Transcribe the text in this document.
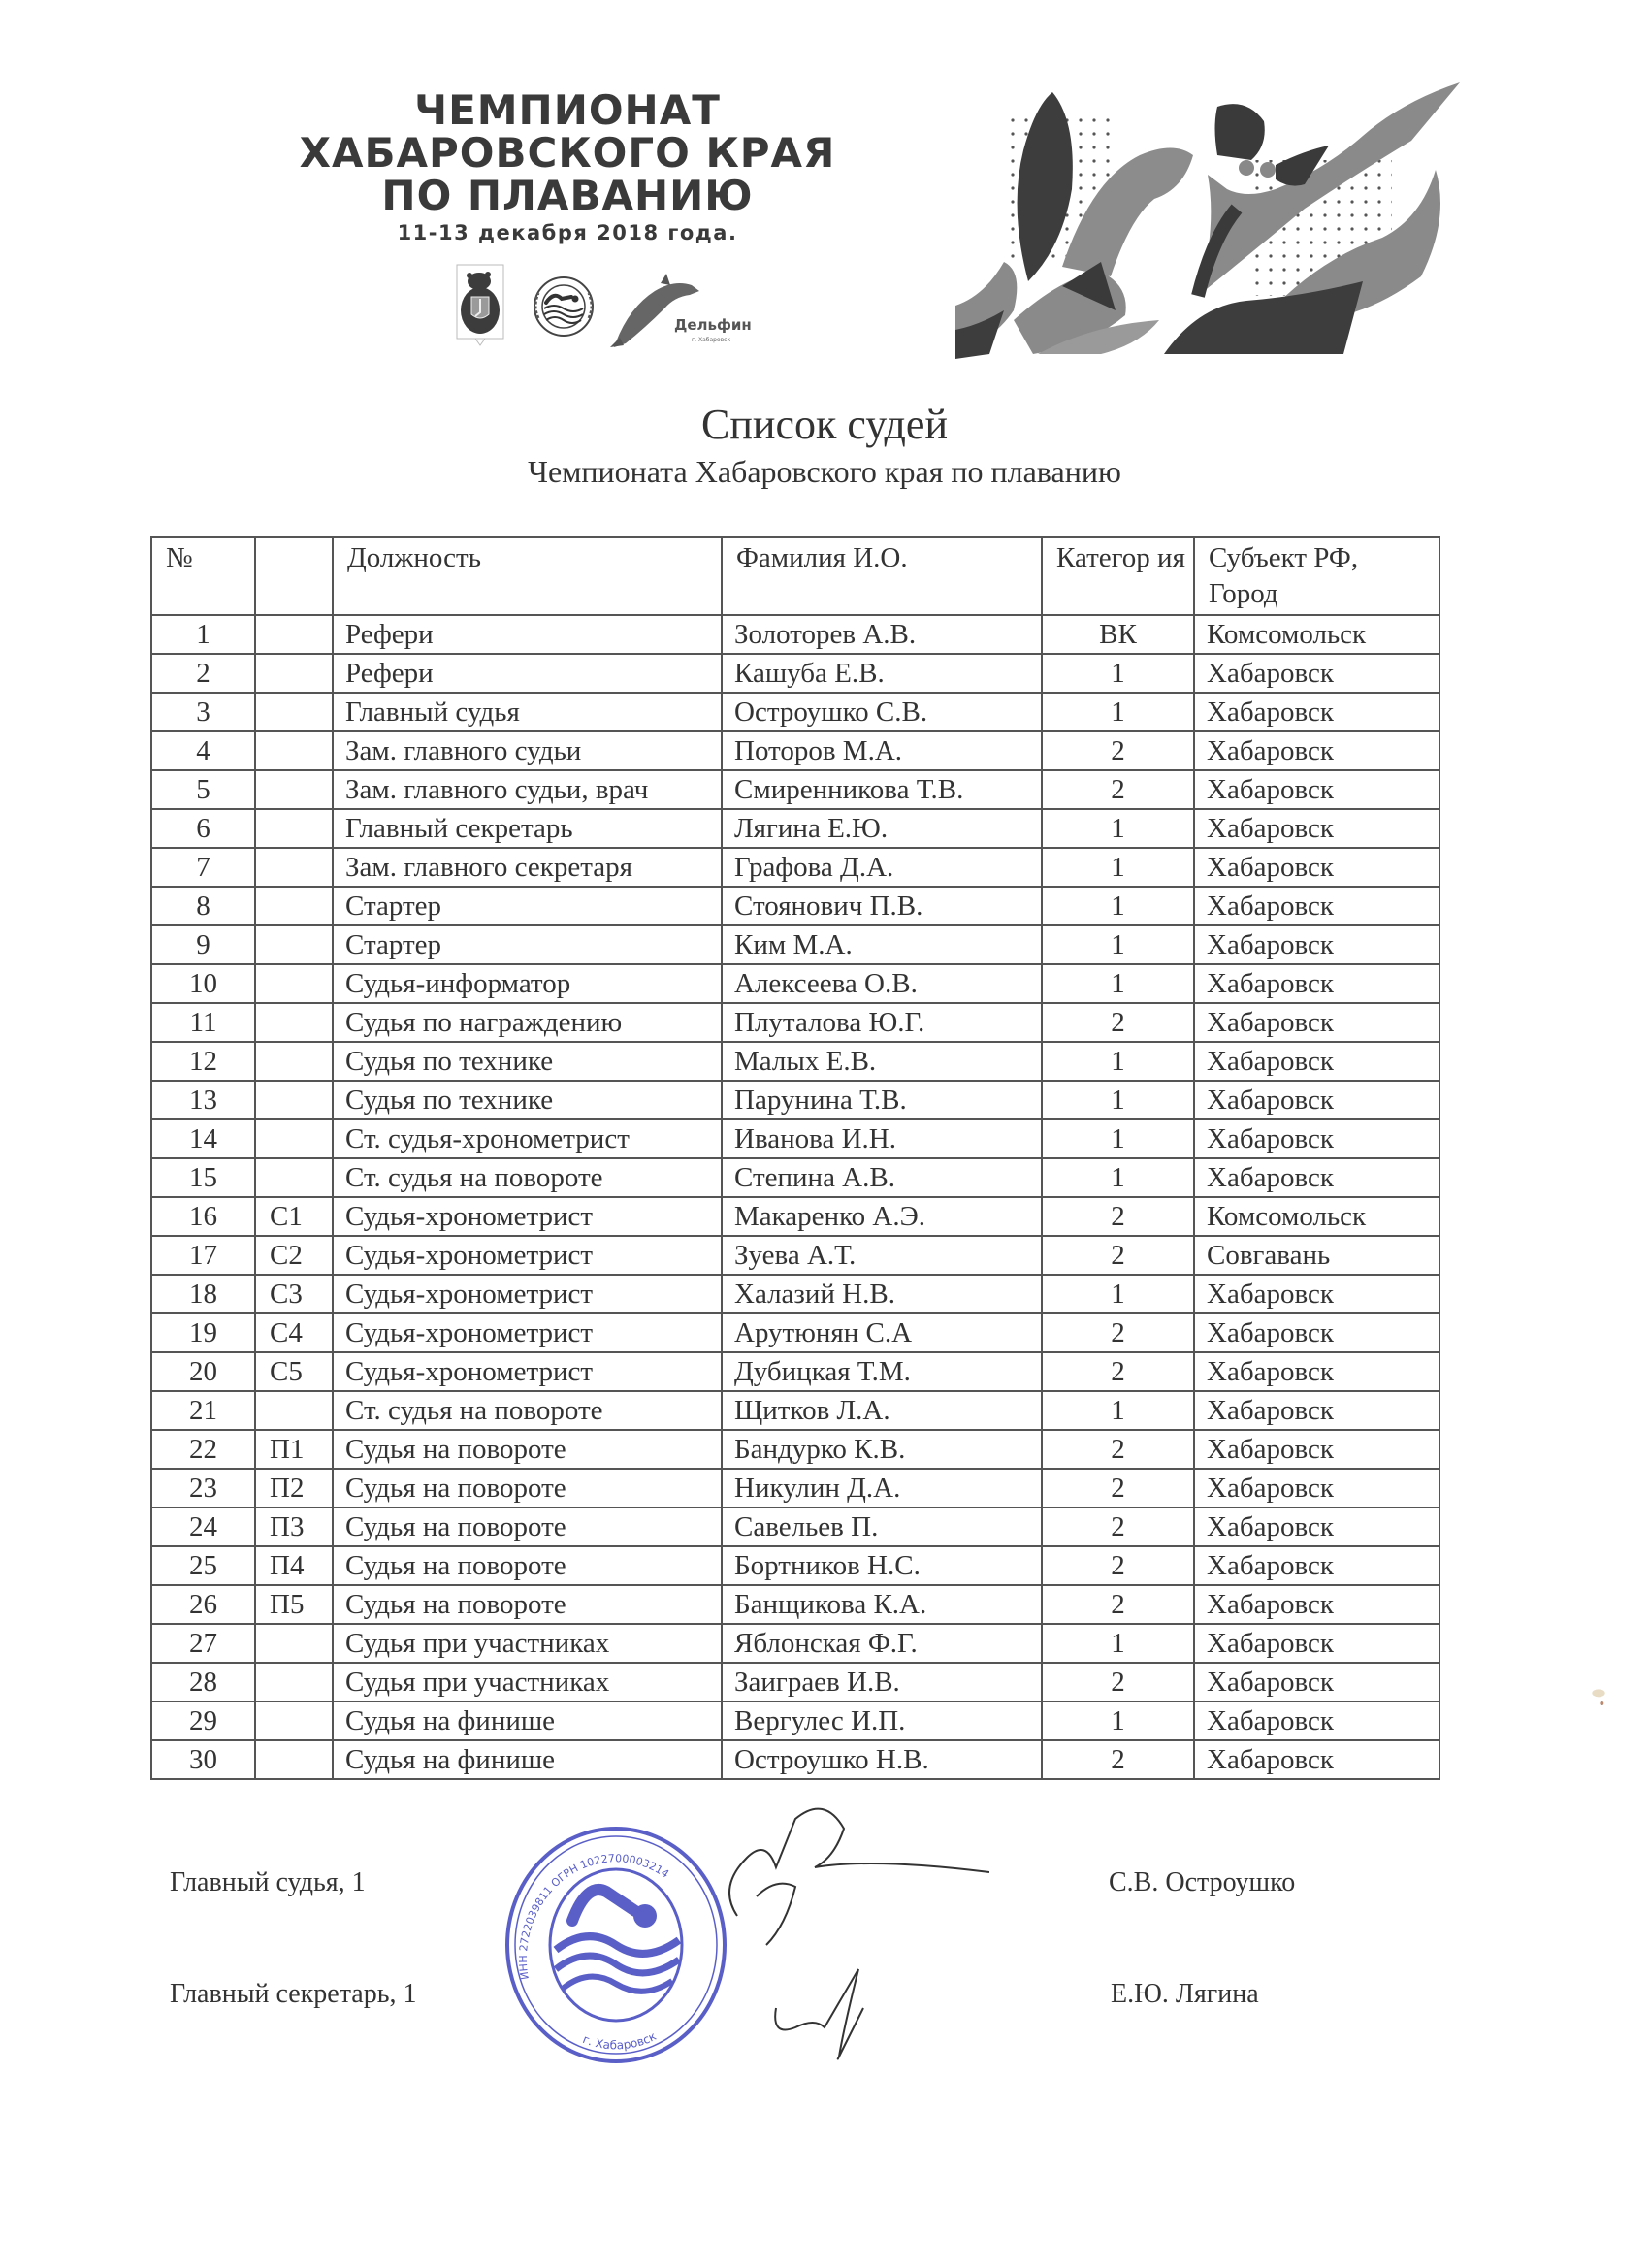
ЧЕМПИОНАТ
ХАБАРОВСКОГО КРАЯ
ПО ПЛАВАНИЮ
11-13 декабря 2018 года.
Дельфин
г. Хабаровск
Список судей
Чемпионата Хабаровского края по плаванию
№		Должность	Фамилия И.О.	Категор ия	Субъект РФ, Город
1		Рефери	Золоторев А.В.	ВК	Комсомольск
2		Рефери	Кашуба Е.В.	1	Хабаровск
3		Главный судья	Остроушко С.В.	1	Хабаровск
4		Зам. главного судьи	Поторов М.А.	2	Хабаровск
5		Зам. главного судьи, врач	Смиренникова Т.В.	2	Хабаровск
6		Главный секретарь	Лягина Е.Ю.	1	Хабаровск
7		Зам. главного секретаря	Графова Д.А.	1	Хабаровск
8		Стартер	Стоянович П.В.	1	Хабаровск
9		Стартер	Ким М.А.	1	Хабаровск
10		Судья-информатор	Алексеева О.В.	1	Хабаровск
11		Судья по награждению	Плуталова Ю.Г.	2	Хабаровск
12		Судья по технике	Малых Е.В.	1	Хабаровск
13		Судья по технике	Парунина Т.В.	1	Хабаровск
14		Ст. судья-хронометрист	Иванова И.Н.	1	Хабаровск
15		Ст. судья на повороте	Степина А.В.	1	Хабаровск
16	С1	Судья-хронометрист	Макаренко А.Э.	2	Комсомольск
17	С2	Судья-хронометрист	Зуева А.Т.	2	Совгавань
18	С3	Судья-хронометрист	Халазий Н.В.	1	Хабаровск
19	С4	Судья-хронометрист	Арутюнян С.А	2	Хабаровск
20	С5	Судья-хронометрист	Дубицкая Т.М.	2	Хабаровск
21		Ст. судья на повороте	Щитков Л.А.	1	Хабаровск
22	П1	Судья на повороте	Бандурко К.В.	2	Хабаровск
23	П2	Судья на повороте	Никулин Д.А.	2	Хабаровск
24	П3	Судья на повороте	Савельев П.	2	Хабаровск
25	П4	Судья на повороте	Бортников Н.С.	2	Хабаровск
26	П5	Судья на повороте	Банщикова К.А.	2	Хабаровск
27		Судья при участниках	Яблонская Ф.Г.	1	Хабаровск
28		Судья при участниках	Заиграев И.В.	2	Хабаровск
29		Судья на финише	Вергулес И.П.	1	Хабаровск
30		Судья на финише	Остроушко Н.В.	2	Хабаровск
Главный судья, 1	С.В. Остроушко
Главный секретарь, 1	Е.Ю. Лягина
ИНН 2722039811 ОГРН 1022700003214
г. Хабаровск
